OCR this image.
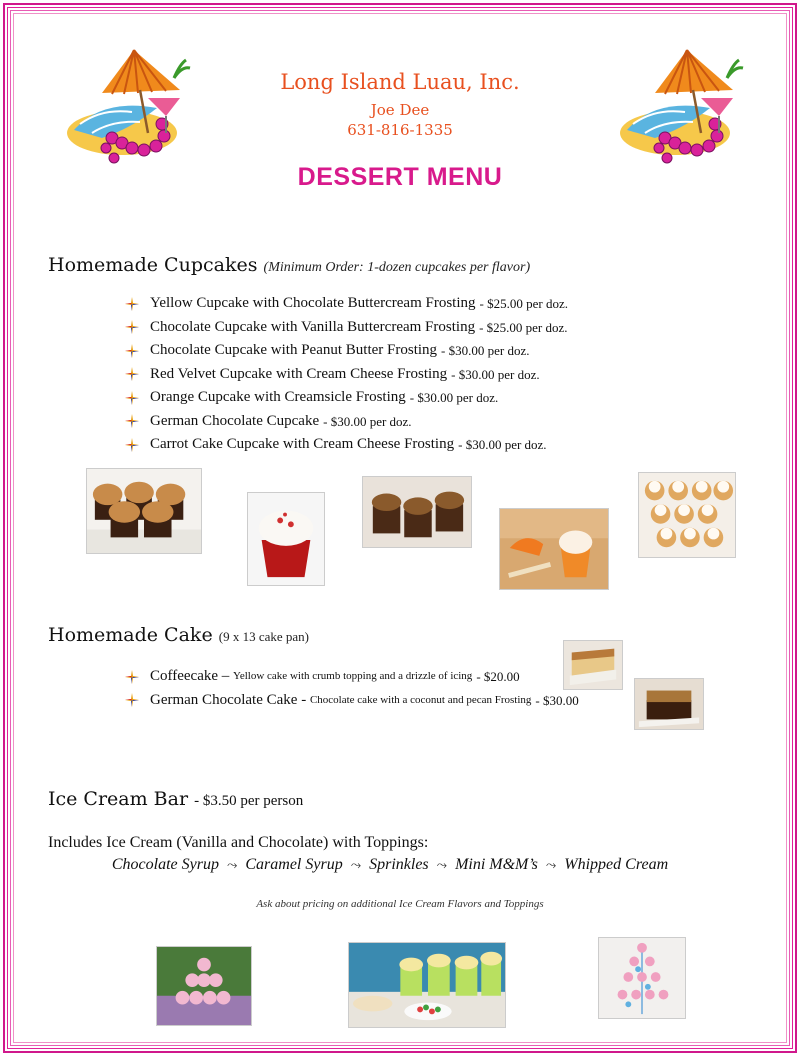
Long Island Luau, Inc.
Joe Dee
631-816-1335
DESSERT MENU
Homemade Cupcakes (Minimum Order: 1-dozen cupcakes per flavor)
Yellow Cupcake with Chocolate Buttercream Frosting - $25.00 per doz.
Chocolate Cupcake with Vanilla Buttercream Frosting - $25.00 per doz.
Chocolate Cupcake with Peanut Butter Frosting - $30.00 per doz.
Red Velvet Cupcake with Cream Cheese Frosting - $30.00 per doz.
Orange Cupcake with Creamsicle Frosting - $30.00 per doz.
German Chocolate Cupcake - $30.00 per doz.
Carrot Cake Cupcake with Cream Cheese Frosting - $30.00 per doz.
Homemade Cake (9 x 13 cake pan)
Coffeecake – Yellow cake with crumb topping and a drizzle of icing - $20.00
German Chocolate Cake - Chocolate cake with a coconut and pecan Frosting - $30.00
Ice Cream Bar - $3.50 per person
Includes Ice Cream (Vanilla and Chocolate) with Toppings:
Chocolate Syrup ⤳ Caramel Syrup ⤳ Sprinkles ⤳ Mini M&M’s ⤳ Whipped Cream
Ask about pricing on additional Ice Cream Flavors and Toppings
